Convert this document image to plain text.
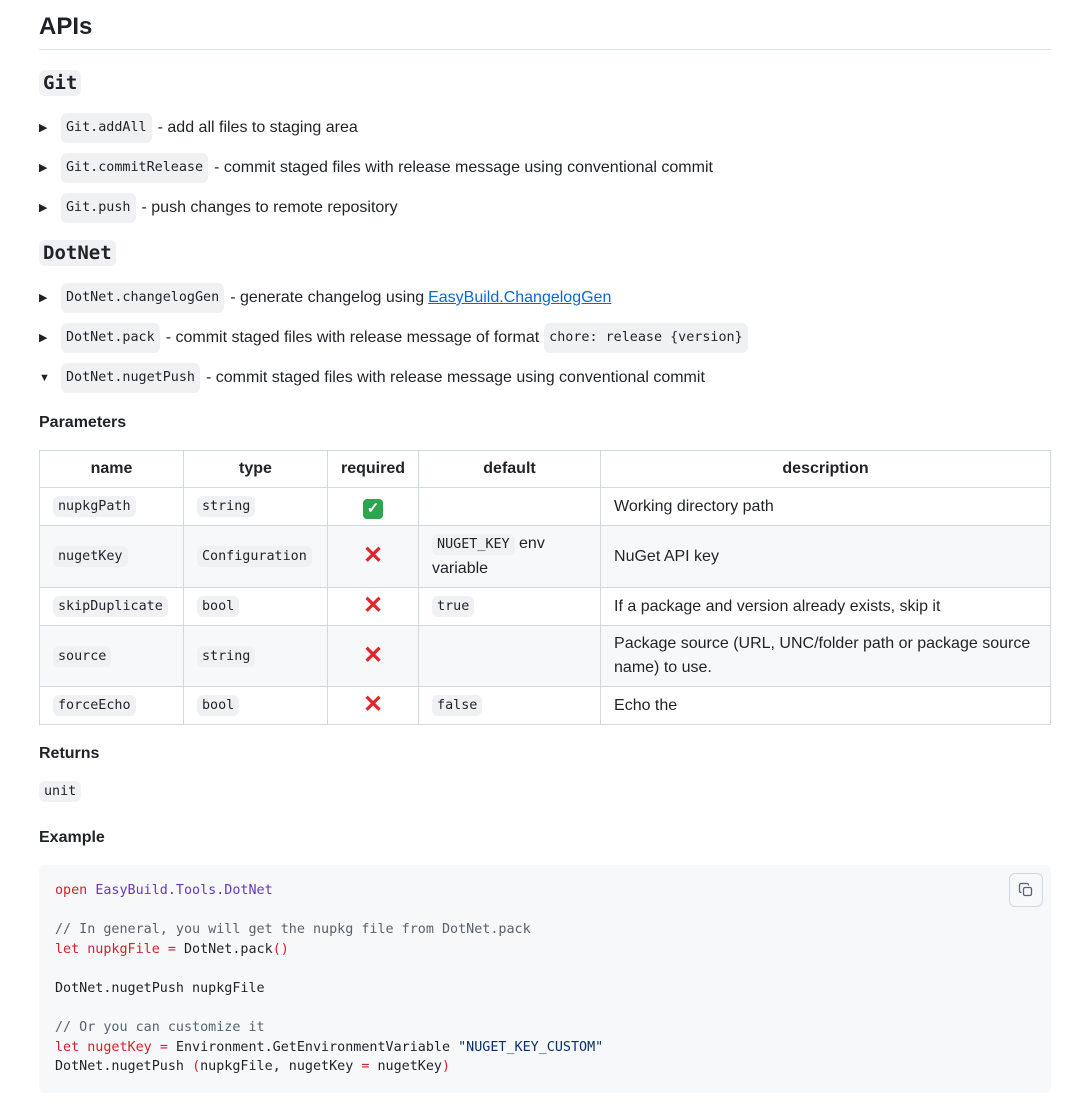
APIs
Git
▶	Git.addAll - add all files to staging area
▶	Git.commitRelease - commit staged files with release message using conventional commit
▶	Git.push - push changes to remote repository
DotNet
▶	DotNet.changelogGen - generate changelog using EasyBuild.ChangelogGen
▶	DotNet.pack - commit staged files with release message of format chore: release {version}
▼	DotNet.nugetPush - commit staged files with release message using conventional commit
Parameters
name	type	required	default	description
nupkgPath	string	✓		Working directory path
nugetKey	Configuration	✕	NUGET_KEY env variable	NuGet API key
skipDuplicate	bool	✕	true	If a package and version already exists, skip it
source	string	✕		Package source (URL, UNC/folder path or package source name) to use.
forceEcho	bool	✕	false	Echo the
Returns
unit
Example
open EasyBuild.Tools.DotNet

// In general, you will get the nupkg file from DotNet.pack
let nupkgFile = DotNet.pack()

DotNet.nugetPush nupkgFile

// Or you can customize it
let nugetKey = Environment.GetEnvironmentVariable "NUGET_KEY_CUSTOM"
DotNet.nugetPush (nupkgFile, nugetKey = nugetKey)
